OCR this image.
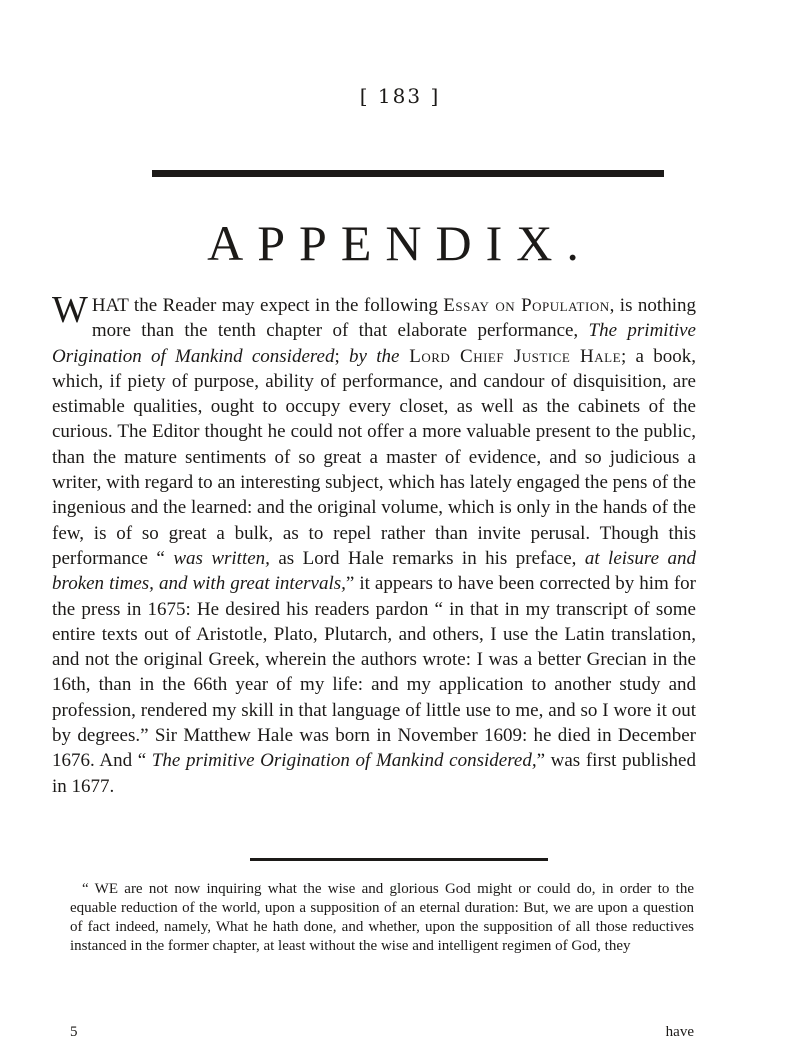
[ 183 ]
APPENDIX.

WHAT the Reader may expect in the following Essay on Population, is nothing more than the tenth chapter of that elaborate performance, The primitive Origination of Mankind considered; by the Lord Chief Justice Hale; a book, which, if piety of purpose, ability of performance, and candour of disquisition, are estimable qualities, ought to occupy every closet, as well as the cabinets of the curious. The Editor thought he could not offer a more valuable present to the public, than the mature sentiments of so great a master of evidence, and so judicious a writer, with regard to an interesting subject, which has lately engaged the pens of the ingenious and the learned: and the original volume, which is only in the hands of the few, is of so great a bulk, as to repel rather than invite perusal. Though this performance “ was written, as Lord Hale remarks in his preface, at leisure and broken times, and with great intervals,” it appears to have been corrected by him for the press in 1675: He desired his readers pardon “ in that in my transcript of some entire texts out of Aristotle, Plato, Plutarch, and others, I use the Latin translation, and not the original Greek, wherein the authors wrote: I was a better Grecian in the 16th, than in the 66th year of my life: and my application to another study and profession, rendered my skill in that language of little use to me, and so I wore it out by degrees.” Sir Matthew Hale was born in November 1609: he died in December 1676. And “ The primitive Origination of Mankind considered,” was first published in 1677.

“ WE are not now inquiring what the wise and glorious God might or could do, in order to the equable reduction of the world, upon a supposition of an eternal duration: But, we are upon a question of fact indeed, namely, What he hath done, and whether, upon the supposition of all those reductives instanced in the former chapter, at least without the wise and intelligent regimen of God, they

5	have
